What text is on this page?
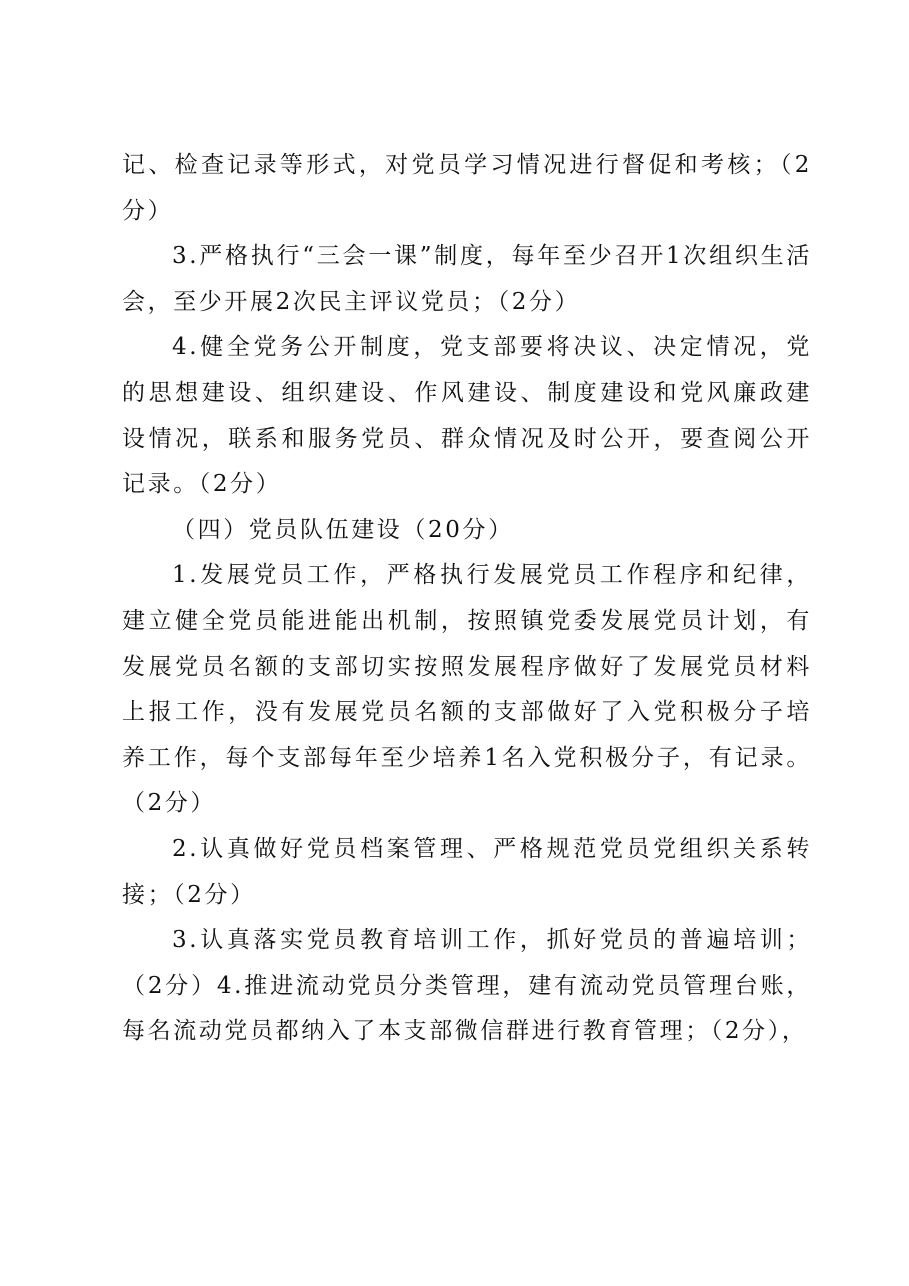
记、检查记录等形式，对党员学习情况进行督促和考核；（2分）

3.严格执行“三会一课”制度，每年至少召开1次组织生活会，至少开展2次民主评议党员；（2分）

4.健全党务公开制度，党支部要将决议、决定情况，党的思想建设、组织建设、作风建设、制度建设和党风廉政建设情况，联系和服务党员、群众情况及时公开，要查阅公开记录。（2分）

（四）党员队伍建设（20分）

1.发展党员工作，严格执行发展党员工作程序和纪律，建立健全党员能进能出机制，按照镇党委发展党员计划，有发展党员名额的支部切实按照发展程序做好了发展党员材料上报工作，没有发展党员名额的支部做好了入党积极分子培养工作，每个支部每年至少培养1名入党积极分子，有记录。（2分）

2.认真做好党员档案管理、严格规范党员党组织关系转接；（2分）

3.认真落实党员教育培训工作，抓好党员的普遍培训；（2分）4.推进流动党员分类管理，建有流动党员管理台账，每名流动党员都纳入了本支部微信群进行教育管理；（2分），
